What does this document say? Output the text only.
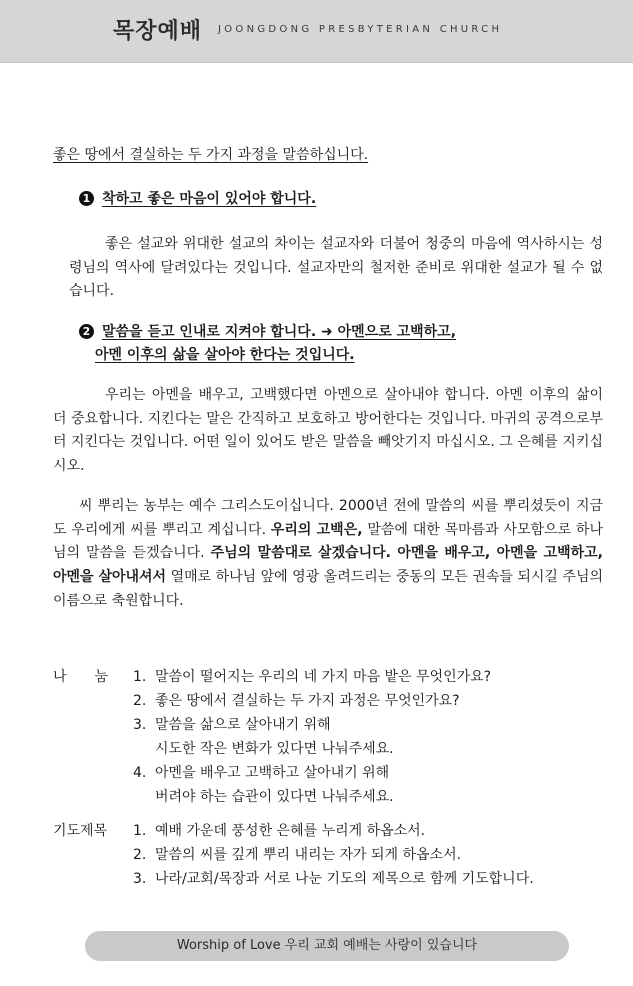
목장예배 JOONGDONG PRESBYTERIAN CHURCH
좋은 땅에서 결실하는 두 가지 과정을 말씀하십니다.
1 착하고 좋은 마음이 있어야 합니다.

좋은 설교와 위대한 설교의 차이는 설교자와 더불어 청중의 마음에 역사하시는 성령님의 역사에 달려있다는 것입니다. 설교자만의 철저한 준비로 위대한 설교가 될 수 없습니다.

2 말씀을 듣고 인내로 지켜야 합니다. ➜ 아멘으로 고백하고,
아멘 이후의 삶을 살아야 한다는 것입니다.

우리는 아멘을 배우고, 고백했다면 아멘으로 살아내야 합니다. 아멘 이후의 삶이 더 중요합니다. 지킨다는 말은 간직하고 보호하고 방어한다는 것입니다. 마귀의 공격으로부터 지킨다는 것입니다. 어떤 일이 있어도 받은 말씀을 빼앗기지 마십시오. 그 은혜를 지키십시오.

씨 뿌리는 농부는 예수 그리스도이십니다. 2000년 전에 말씀의 씨를 뿌리셨듯이 지금도 우리에게 씨를 뿌리고 계십니다. 우리의 고백은, 말씀에 대한 목마름과 사모함으로 하나님의 말씀을 듣겠습니다. 주님의 말씀대로 살겠습니다. 아멘을 배우고, 아멘을 고백하고, 아멘을 살아내셔서 열매로 하나님 앞에 영광 올려드리는 중동의 모든 권속들 되시길 주님의 이름으로 축원합니다.

나　　눔 1. 말씀이 떨어지는 우리의 네 가지 마음 밭은 무엇인가요?
2. 좋은 땅에서 결실하는 두 가지 과정은 무엇인가요?
3. 말씀을 삶으로 살아내기 위해
시도한 작은 변화가 있다면 나눠주세요.
4. 아멘을 배우고 고백하고 살아내기 위해
버려야 하는 습관이 있다면 나눠주세요.
기도제목 1. 예배 가운데 풍성한 은혜를 누리게 하옵소서.
2. 말씀의 씨를 깊게 뿌리 내리는 자가 되게 하옵소서.
3. 나라/교회/목장과 서로 나눈 기도의 제목으로 함께 기도합니다.
Worship of Love 우리 교회 예배는 사랑이 있습니다
